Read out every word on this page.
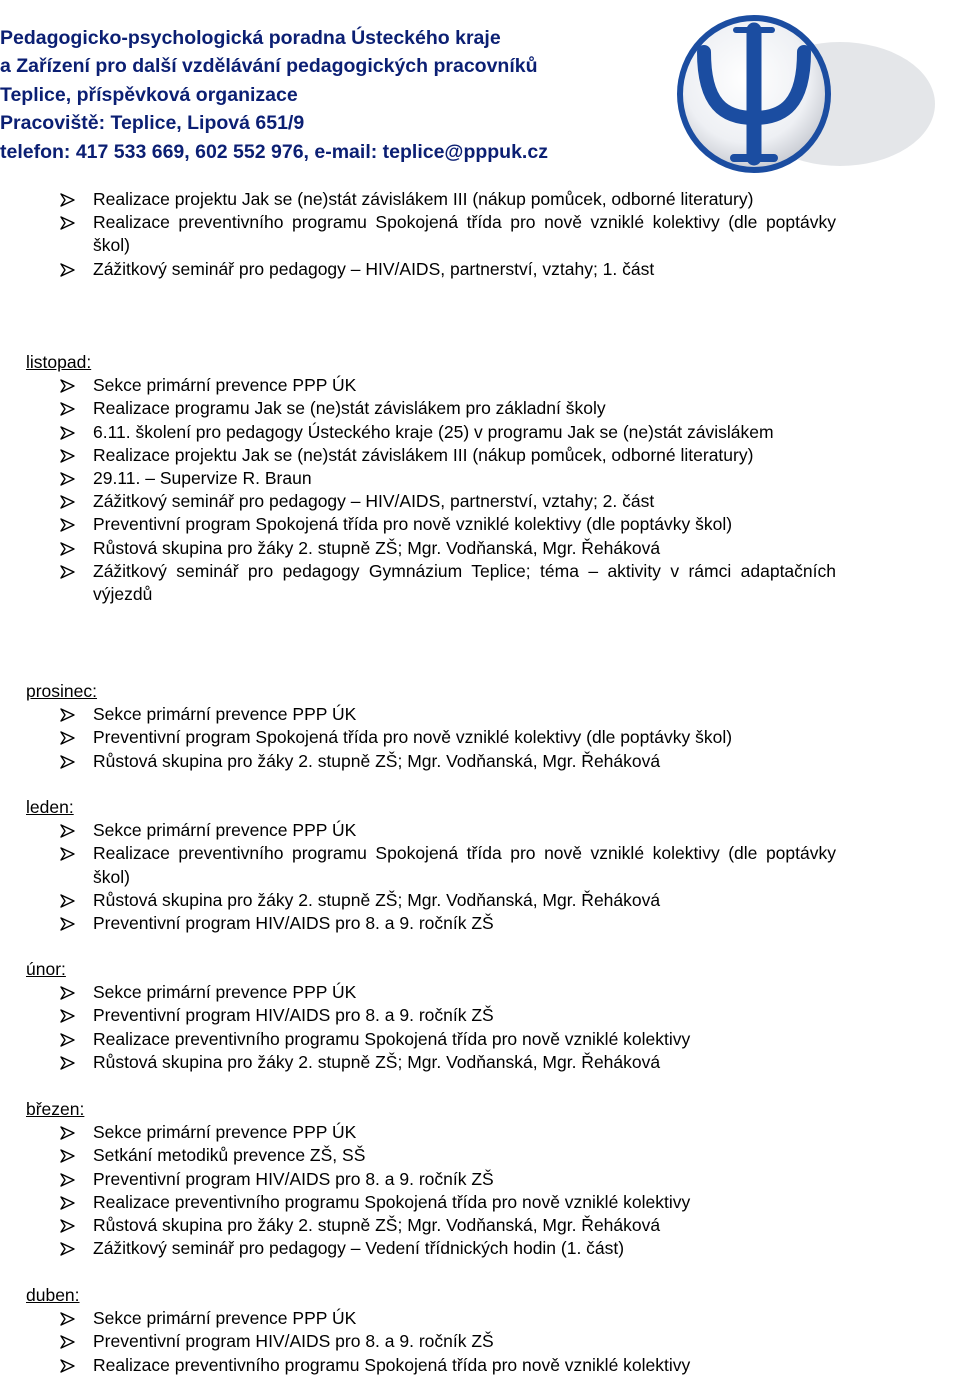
Pedagogicko-psychologická poradna Ústeckého kraje
a Zařízení pro další vzdělávání pedagogických pracovníků
Teplice, příspěvková organizace
Pracoviště: Teplice, Lipová 651/9
telefon: 417 533 669, 602 552 976, e-mail: teplice@pppuk.cz
Realizace projektu Jak se (ne)stát závislákem III (nákup pomůcek, odborné literatury)
Realizace preventivního programu Spokojená třída pro nově vzniklé kolektivy (dle poptávky škol)
Zážitkový seminář pro pedagogy – HIV/AIDS, partnerství, vztahy; 1. část
listopad:
Sekce primární prevence PPP ÚK
Realizace programu Jak se (ne)stát závislákem pro základní školy
6.11. školení pro pedagogy Ústeckého kraje (25) v programu Jak se (ne)stát závislákem
Realizace projektu Jak se (ne)stát závislákem III (nákup pomůcek, odborné literatury)
29.11. – Supervize R. Braun
Zážitkový seminář pro pedagogy – HIV/AIDS, partnerství, vztahy; 2. část
Preventivní program Spokojená třída pro nově vzniklé kolektivy (dle poptávky škol)
Růstová skupina pro žáky 2. stupně ZŠ; Mgr. Vodňanská, Mgr. Řeháková
Zážitkový seminář pro pedagogy Gymnázium Teplice; téma – aktivity v rámci adaptačních výjezdů
prosinec:
Sekce primární prevence PPP ÚK
Preventivní program Spokojená třída pro nově vzniklé kolektivy (dle poptávky škol)
Růstová skupina pro žáky 2. stupně ZŠ; Mgr. Vodňanská, Mgr. Řeháková
leden:
Sekce primární prevence PPP ÚK
Realizace preventivního programu Spokojená třída pro nově vzniklé kolektivy (dle poptávky škol)
Růstová skupina pro žáky 2. stupně ZŠ; Mgr. Vodňanská, Mgr. Řeháková
Preventivní program HIV/AIDS pro 8. a 9. ročník ZŠ
únor:
Sekce primární prevence PPP ÚK
Preventivní program HIV/AIDS pro 8. a 9. ročník ZŠ
Realizace preventivního programu Spokojená třída pro nově vzniklé kolektivy
Růstová skupina pro žáky 2. stupně ZŠ; Mgr. Vodňanská, Mgr. Řeháková
březen:
Sekce primární prevence PPP ÚK
Setkání metodiků prevence ZŠ, SŠ
Preventivní program HIV/AIDS pro 8. a 9. ročník ZŠ
Realizace preventivního programu Spokojená třída pro nově vzniklé kolektivy
Růstová skupina pro žáky 2. stupně ZŠ; Mgr. Vodňanská, Mgr. Řeháková
Zážitkový seminář pro pedagogy – Vedení třídnických hodin (1. část)
duben:
Sekce primární prevence PPP ÚK
Preventivní program HIV/AIDS pro 8. a 9. ročník ZŠ
Realizace preventivního programu Spokojená třída pro nově vzniklé kolektivy
